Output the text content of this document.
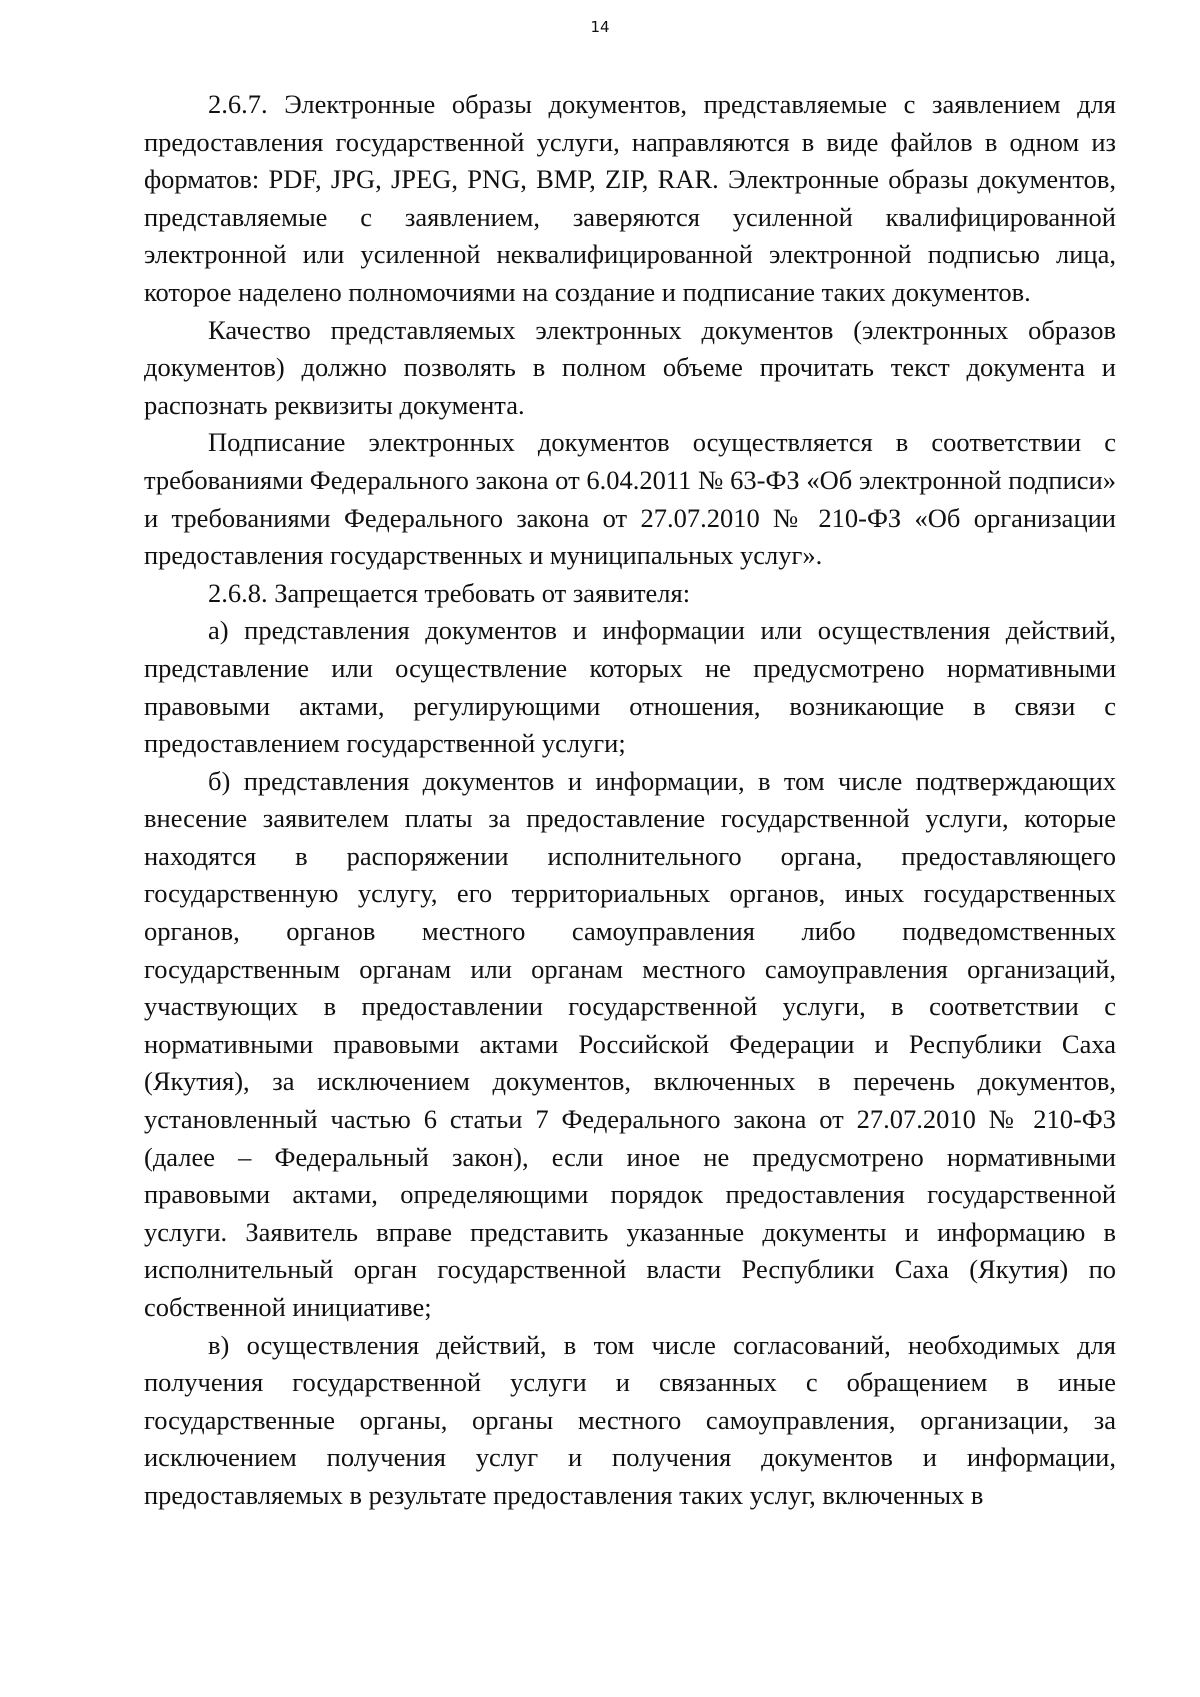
14

2.6.7. Электронные образы документов, представляемые с заявлением для предоставления государственной услуги, направляются в виде файлов в одном из форматов: PDF, JPG, JPEG, PNG, BMP, ZIP, RAR. Электронные образы документов, представляемые с заявлением, заверяются усиленной квалифицированной электронной или усиленной неквалифицированной электронной подписью лица, которое наделено полномочиями на создание и подписание таких документов.

Качество представляемых электронных документов (электронных образов документов) должно позволять в полном объеме прочитать текст документа и распознать реквизиты документа.

Подписание электронных документов осуществляется в соответствии с требованиями Федерального закона от 6.04.2011 № 63-ФЗ «Об электронной подписи» и требованиями Федерального закона от 27.07.2010 № 210-ФЗ «Об организации предоставления государственных и муниципальных услуг».

2.6.8. Запрещается требовать от заявителя:

а) представления документов и информации или осуществления действий, представление или осуществление которых не предусмотрено нормативными правовыми актами, регулирующими отношения, возникающие в связи с предоставлением государственной услуги;

б) представления документов и информации, в том числе подтверждающих внесение заявителем платы за предоставление государственной услуги, которые находятся в распоряжении исполнительного органа, предоставляющего государственную услугу, его территориальных органов, иных государственных органов, органов местного самоуправления либо подведомственных государственным органам или органам местного самоуправления организаций, участвующих в предоставлении государственной услуги, в соответствии с нормативными правовыми актами Российской Федерации и Республики Саха (Якутия), за исключением документов, включенных в перечень документов, установленный частью 6 статьи 7 Федерального закона от 27.07.2010 № 210-ФЗ (далее – Федеральный закон), если иное не предусмотрено нормативными правовыми актами, определяющими порядок предоставления государственной услуги. Заявитель вправе представить указанные документы и информацию в исполнительный орган государственной власти Республики Саха (Якутия) по собственной инициативе;

в) осуществления действий, в том числе согласований, необходимых для получения государственной услуги и связанных с обращением в иные государственные органы, органы местного самоуправления, организации, за исключением получения услуг и получения документов и информации, предоставляемых в результате предоставления таких услуг, включенных в
